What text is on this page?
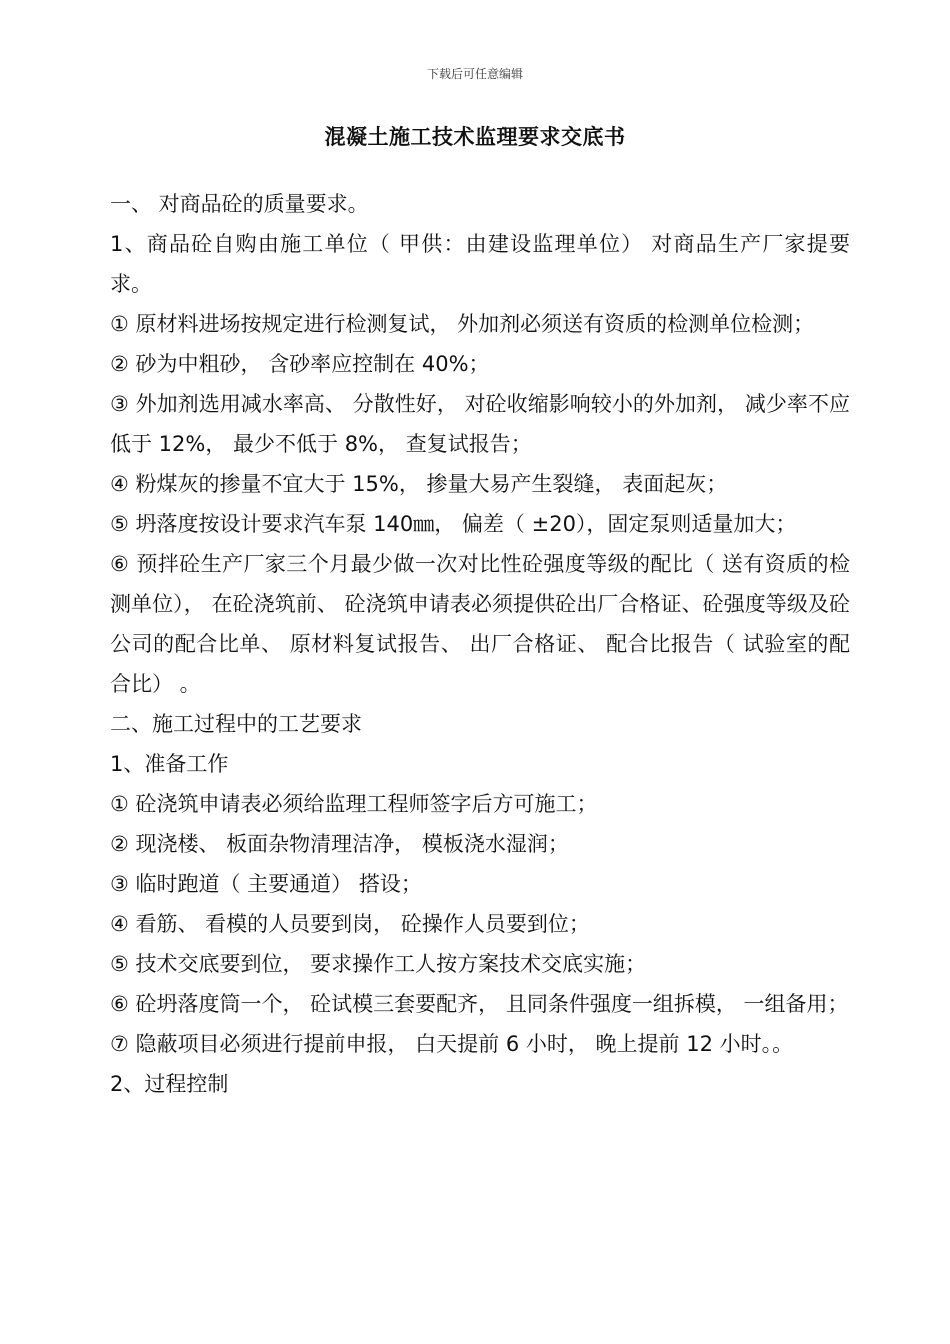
下载后可任意编辑
混凝土施工技术监理要求交底书

一、 对商品砼的质量要求。

1、商品砼自购由施工单位（ 甲供：由建设监理单位） 对商品生产厂家提要求。

① 原材料进场按规定进行检测复试， 外加剂必须送有资质的检测单位检测；

② 砂为中粗砂， 含砂率应控制在 40%；

③ 外加剂选用减水率高、 分散性好， 对砼收缩影响较小的外加剂， 减少率不应低于 12%， 最少不低于 8%， 查复试报告；

④ 粉煤灰的掺量不宜大于 15%， 掺量大易产生裂缝， 表面起灰；

⑤ 坍落度按设计要求汽车泵 140㎜， 偏差（ ±20），固定泵则适量加大；

⑥ 预拌砼生产厂家三个月最少做一次对比性砼强度等级的配比（ 送有资质的检测单位）， 在砼浇筑前、 砼浇筑申请表必须提供砼出厂合格证、砼强度等级及砼公司的配合比单、 原材料复试报告、 出厂合格证、 配合比报告（ 试验室的配合比） 。

二、施工过程中的工艺要求

1、准备工作

① 砼浇筑申请表必须给监理工程师签字后方可施工；

② 现浇楼、 板面杂物清理洁净， 模板浇水湿润；

③ 临时跑道（ 主要通道） 搭设；

④ 看筋、 看模的人员要到岗， 砼操作人员要到位；

⑤ 技术交底要到位， 要求操作工人按方案技术交底实施；

⑥ 砼坍落度筒一个， 砼试模三套要配齐， 且同条件强度一组拆模， 一组备用；

⑦ 隐蔽项目必须进行提前申报， 白天提前 6 小时， 晚上提前 12 小时。。

2、过程控制
